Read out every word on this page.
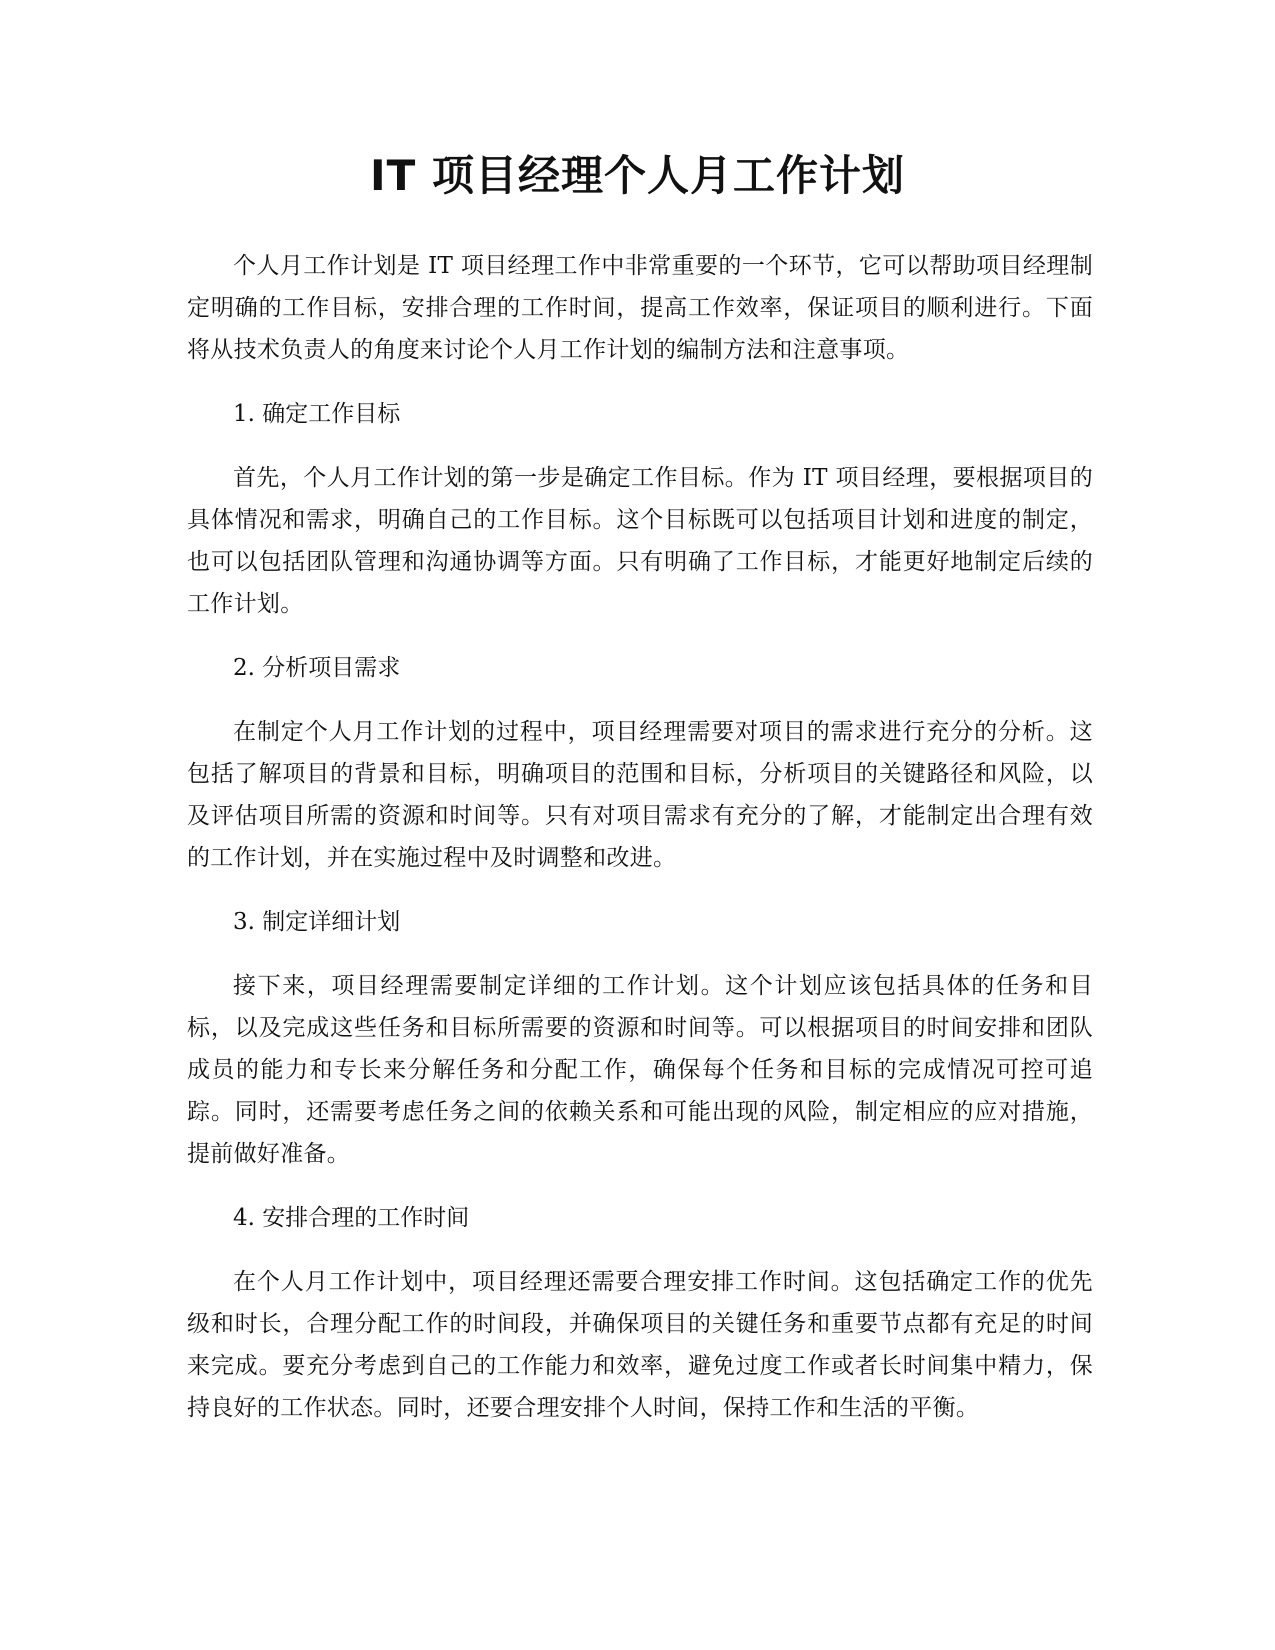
IT 项目经理个人月工作计划

个人月工作计划是 IT 项目经理工作中非常重要的一个环节，它可以帮助项目经理制定明确的工作目标，安排合理的工作时间，提高工作效率，保证项目的顺利进行。下面将从技术负责人的角度来讨论个人月工作计划的编制方法和注意事项。

1. 确定工作目标

首先，个人月工作计划的第一步是确定工作目标。作为 IT 项目经理，要根据项目的具体情况和需求，明确自己的工作目标。这个目标既可以包括项目计划和进度的制定，也可以包括团队管理和沟通协调等方面。只有明确了工作目标，才能更好地制定后续的工作计划。

2. 分析项目需求

在制定个人月工作计划的过程中，项目经理需要对项目的需求进行充分的分析。这包括了解项目的背景和目标，明确项目的范围和目标，分析项目的关键路径和风险，以及评估项目所需的资源和时间等。只有对项目需求有充分的了解，才能制定出合理有效的工作计划，并在实施过程中及时调整和改进。

3. 制定详细计划

接下来，项目经理需要制定详细的工作计划。这个计划应该包括具体的任务和目标，以及完成这些任务和目标所需要的资源和时间等。可以根据项目的时间安排和团队成员的能力和专长来分解任务和分配工作，确保每个任务和目标的完成情况可控可追踪。同时，还需要考虑任务之间的依赖关系和可能出现的风险，制定相应的应对措施，提前做好准备。

4. 安排合理的工作时间

在个人月工作计划中，项目经理还需要合理安排工作时间。这包括确定工作的优先级和时长，合理分配工作的时间段，并确保项目的关键任务和重要节点都有充足的时间来完成。要充分考虑到自己的工作能力和效率，避免过度工作或者长时间集中精力，保持良好的工作状态。同时，还要合理安排个人时间，保持工作和生活的平衡。
